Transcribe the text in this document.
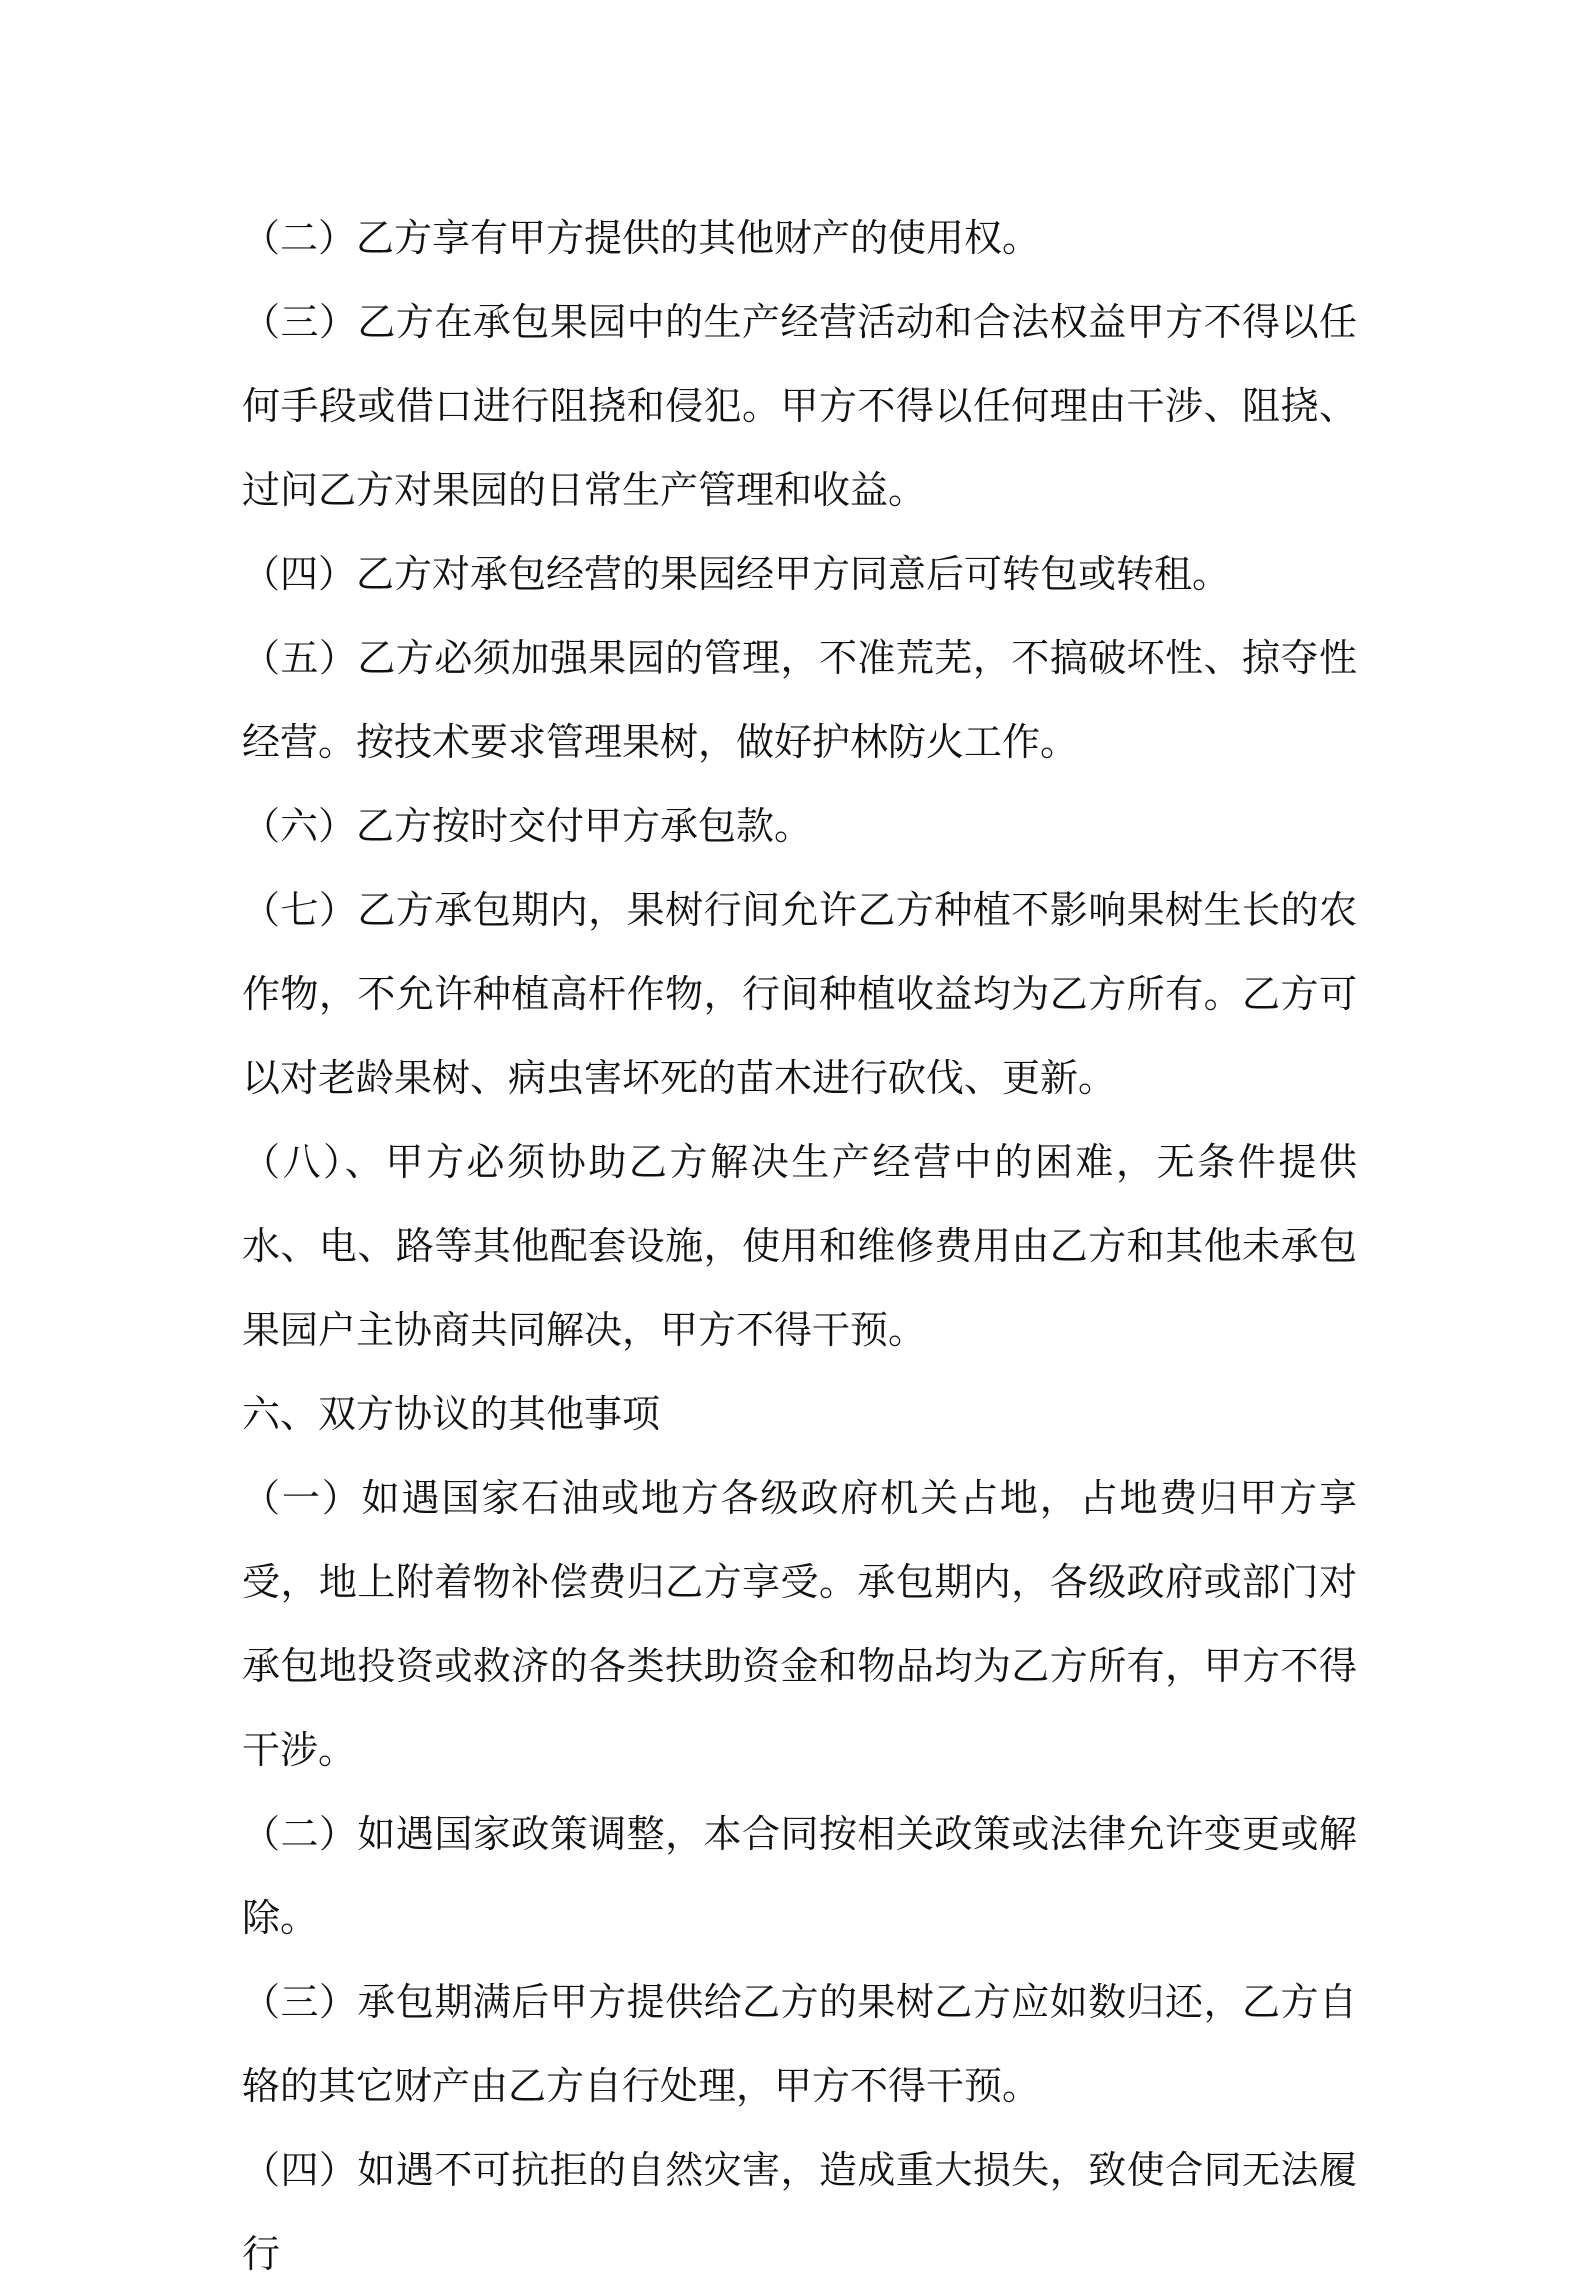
（二）乙方享有甲方提供的其他财产的使用权。

（三）乙方在承包果园中的生产经营活动和合法权益甲方不得以任何手段或借口进行阻挠和侵犯。甲方不得以任何理由干涉、阻挠、过问乙方对果园的日常生产管理和收益。

（四）乙方对承包经营的果园经甲方同意后可转包或转租。

（五）乙方必须加强果园的管理，不准荒芜，不搞破坏性、掠夺性经营。按技术要求管理果树，做好护林防火工作。

（六）乙方按时交付甲方承包款。

（七）乙方承包期内，果树行间允许乙方种植不影响果树生长的农作物，不允许种植高杆作物，行间种植收益均为乙方所有。乙方可以对老龄果树、病虫害坏死的苗木进行砍伐、更新。

（八）、甲方必须协助乙方解决生产经营中的困难，无条件提供水、电、路等其他配套设施，使用和维修费用由乙方和其他未承包果园户主协商共同解决，甲方不得干预。

六、双方协议的其他事项

（一）如遇国家石油或地方各级政府机关占地，占地费归甲方享受，地上附着物补偿费归乙方享受。承包期内，各级政府或部门对承包地投资或救济的各类扶助资金和物品均为乙方所有，甲方不得干涉。

（二）如遇国家政策调整，本合同按相关政策或法律允许变更或解除。

（三）承包期满后甲方提供给乙方的果树乙方应如数归还，乙方自辂的其它财产由乙方自行处理，甲方不得干预。

（四）如遇不可抗拒的自然灾害，造成重大损失，致使合同无法履行
